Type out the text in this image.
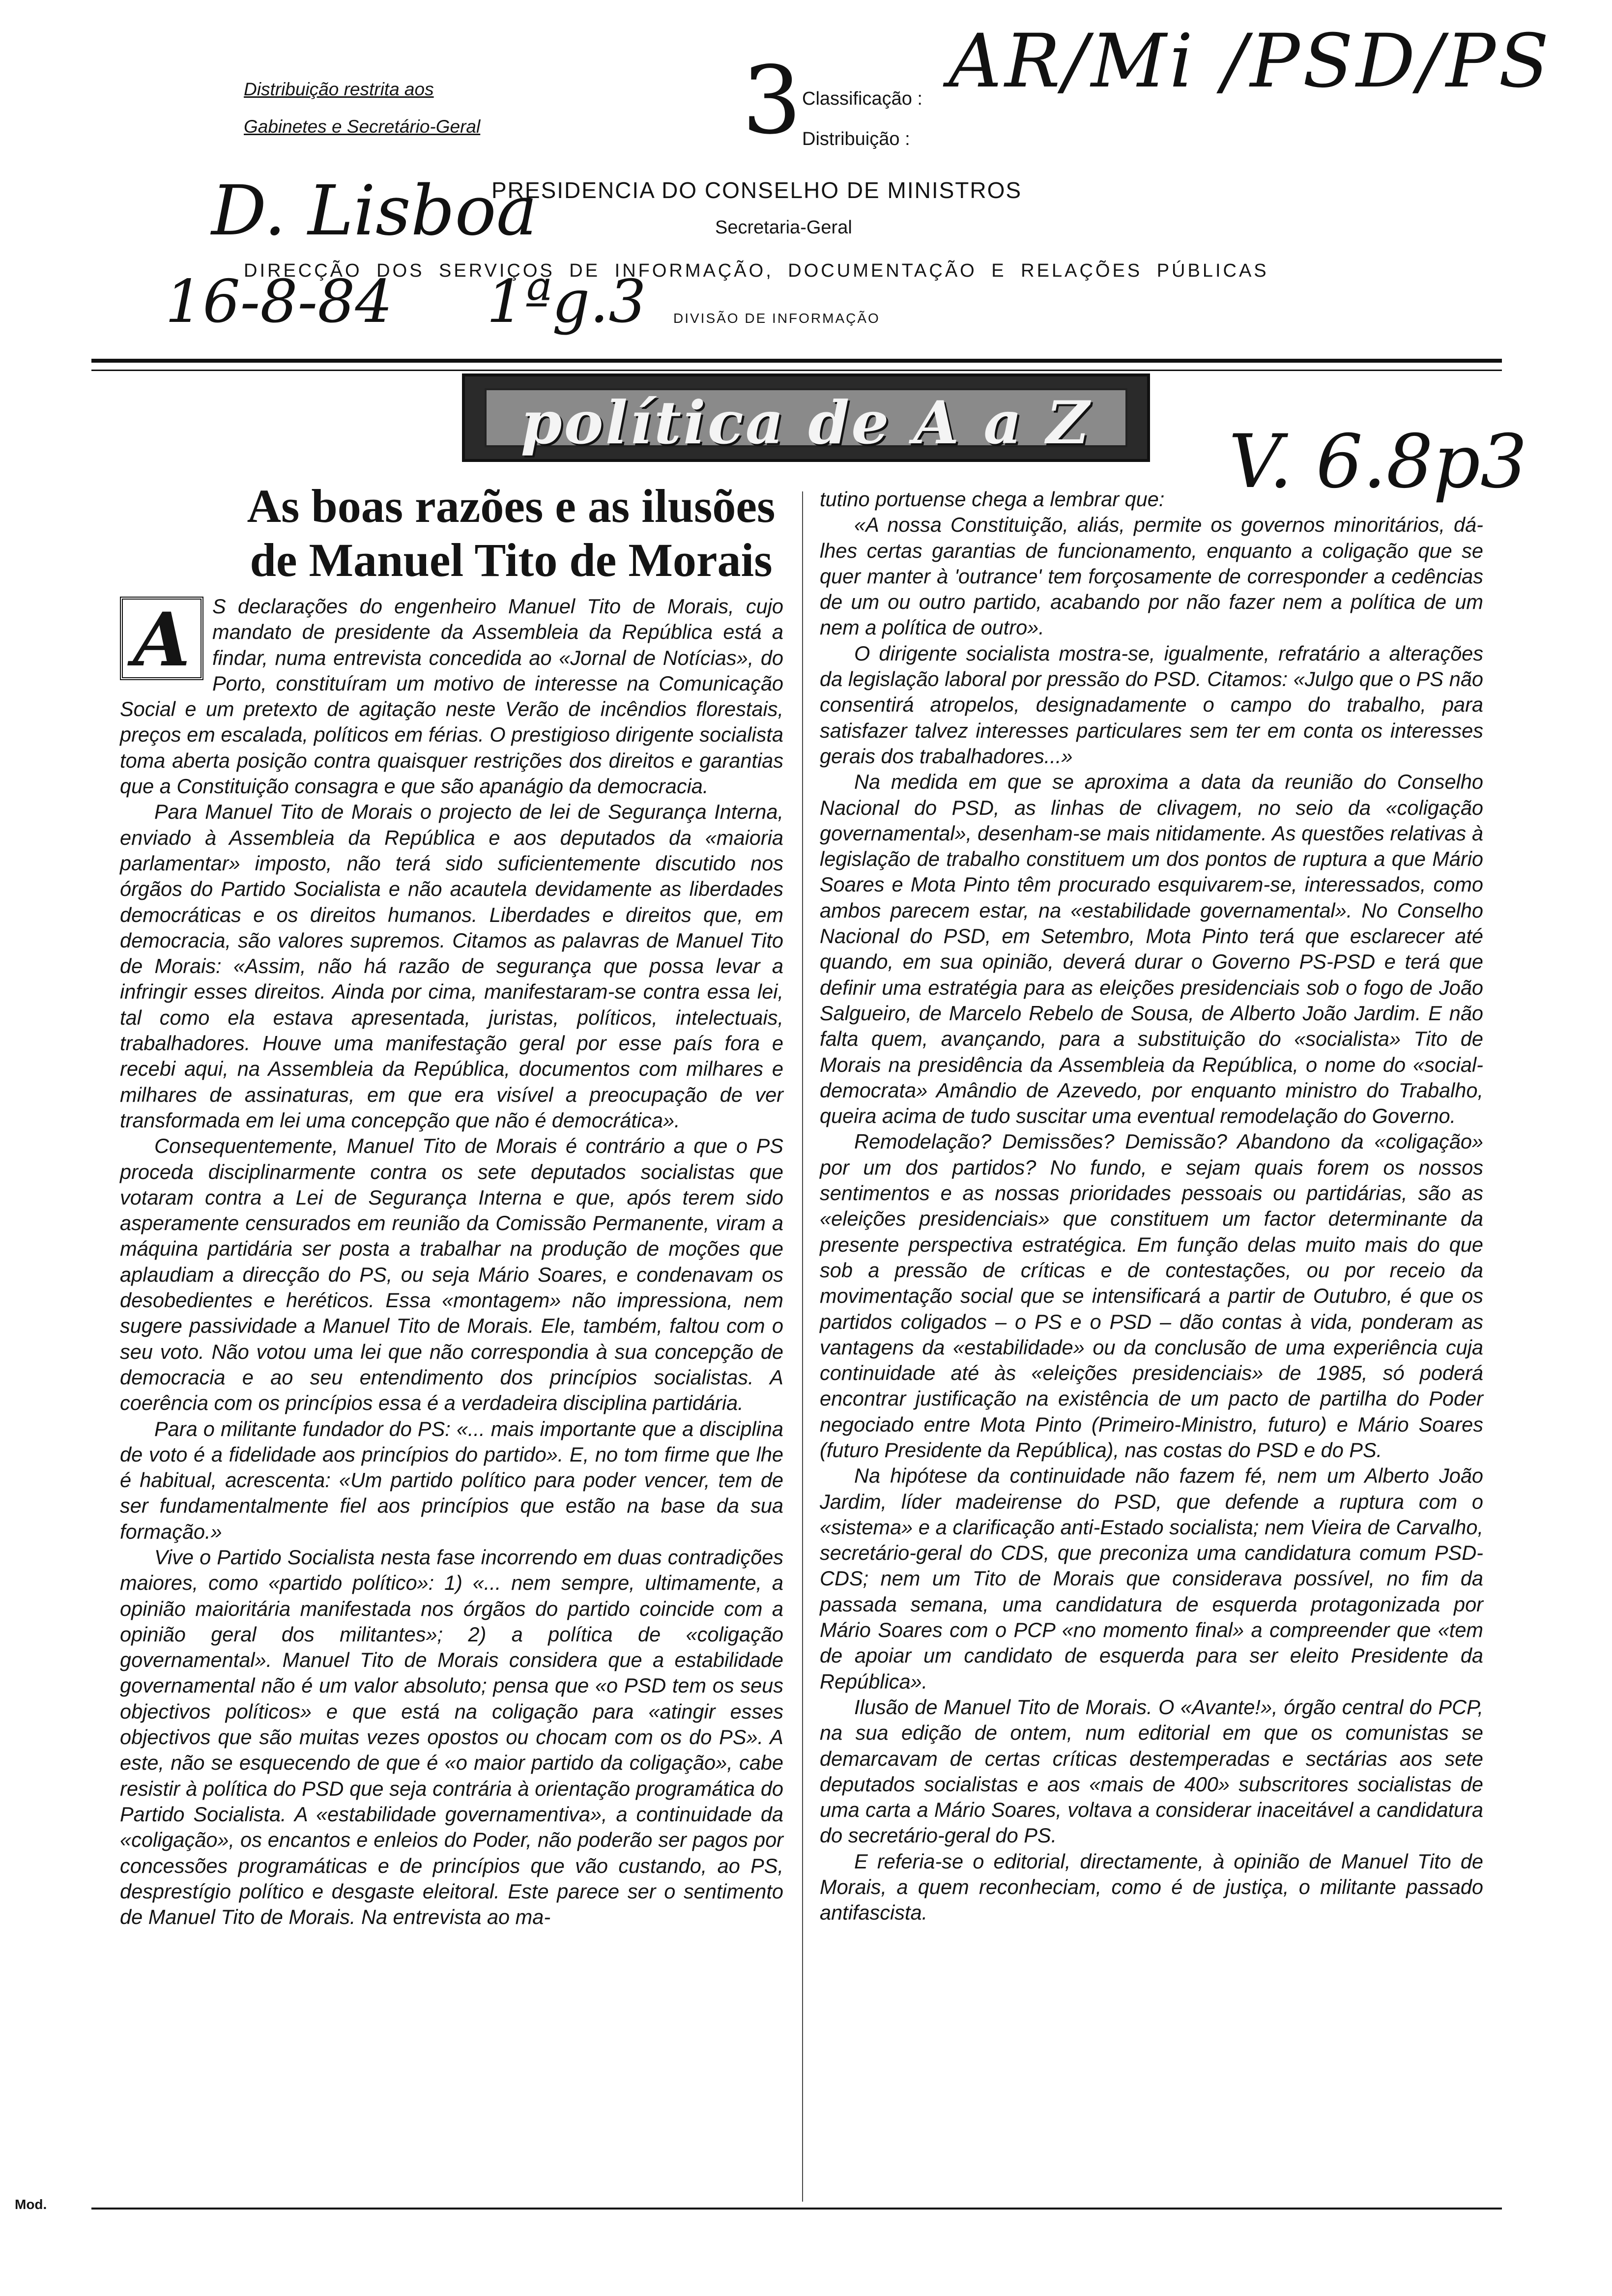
Distribuição restrita aos
Gabinetes e Secretário-Geral	3 Classificação : AR/Mi /PSD/PS
Distribuição :
D. Lisboa
PRESIDENCIA DO CONSELHO DE MINISTROS
Secretaria-Geral
DIRECÇÃO DOS SERVIÇOS DE INFORMAÇÃO, DOCUMENTAÇÃO E RELAÇÕES PÚBLICAS
16-8-84 1ªg.3 DIVISÃO DE INFORMAÇÃO
política de A a Z	V. 6.8p3
As boas razões e as ilusões
de Manuel Tito de Morais
A	S declarações do engenheiro Manuel Tito de Morais, cujo mandato de presidente da Assembleia da República está a findar, numa entrevista concedida ao «Jornal de Notícias», do Porto, constituíram um motivo de interesse na Comunicação Social e um pretexto de agitação neste Verão de incêndios florestais, preços em escalada, políticos em férias. O prestigioso dirigente socialista toma aberta posição contra quaisquer restrições dos direitos e garantias que a Constituição consagra e que são apanágio da democracia.

Para Manuel Tito de Morais o projecto de lei de Segurança Interna, enviado à Assembleia da República e aos deputados da «maioria parlamentar» imposto, não terá sido suficientemente discutido nos órgãos do Partido Socialista e não acautela devidamente as liberdades democráticas e os direitos humanos. Liberdades e direitos que, em democracia, são valores supremos. Citamos as palavras de Manuel Tito de Morais: «Assim, não há razão de segurança que possa levar a infringir esses direitos. Ainda por cima, manifestaram-se contra essa lei, tal como ela estava apresentada, juristas, políticos, intelectuais, trabalhadores. Houve uma manifestação geral por esse país fora e recebi aqui, na Assembleia da República, documentos com milhares e milhares de assinaturas, em que era visível a preocupação de ver transformada em lei uma concepção que não é democrática».

Consequentemente, Manuel Tito de Morais é contrário a que o PS proceda disciplinarmente contra os sete deputados socialistas que votaram contra a Lei de Segurança Interna e que, após terem sido asperamente censurados em reunião da Comissão Permanente, viram a máquina partidária ser posta a trabalhar na produção de moções que aplaudiam a direcção do PS, ou seja Mário Soares, e condenavam os desobedientes e heréticos. Essa «montagem» não impressiona, nem sugere passividade a Manuel Tito de Morais. Ele, também, faltou com o seu voto. Não votou uma lei que não correspondia à sua concepção de democracia e ao seu entendimento dos princípios socialistas. A coerência com os princípios essa é a verdadeira disciplina partidária.

Para o militante fundador do PS: «... mais importante que a disciplina de voto é a fidelidade aos princípios do partido». E, no tom firme que lhe é habitual, acrescenta: «Um partido político para poder vencer, tem de ser fundamentalmente fiel aos princípios que estão na base da sua formação.»

Vive o Partido Socialista nesta fase incorrendo em duas contradições maiores, como «partido político»: 1) «... nem sempre, ultimamente, a opinião maioritária manifestada nos órgãos do partido coincide com a opinião geral dos militantes»; 2) a política de «coligação governamental». Manuel Tito de Morais considera que a estabilidade governamental não é um valor absoluto; pensa que «o PSD tem os seus objectivos políticos» e que está na coligação para «atingir esses objectivos que são muitas vezes opostos ou chocam com os do PS». A este, não se esquecendo de que é «o maior partido da coligação», cabe resistir à política do PSD que seja contrária à orientação programática do Partido Socialista. A «estabilidade governamentiva», a continuidade da «coligação», os encantos e enleios do Poder, não poderão ser pagos por concessões programáticas e de princípios que vão custando, ao PS, desprestígio político e desgaste eleitoral. Este parece ser o sentimento de Manuel Tito de Morais. Na entrevista ao ma-

tutino portuense chega a lembrar que:

«A nossa Constituição, aliás, permite os governos minoritários, dá-lhes certas garantias de funcionamento, enquanto a coligação que se quer manter à 'outrance' tem forçosamente de corresponder a cedências de um ou outro partido, acabando por não fazer nem a política de um nem a política de outro».

O dirigente socialista mostra-se, igualmente, refratário a alterações da legislação laboral por pressão do PSD. Citamos: «Julgo que o PS não consentirá atropelos, designadamente o campo do trabalho, para satisfazer talvez interesses particulares sem ter em conta os interesses gerais dos trabalhadores...»

Na medida em que se aproxima a data da reunião do Conselho Nacional do PSD, as linhas de clivagem, no seio da «coligação governamental», desenham-se mais nitidamente. As questões relativas à legislação de trabalho constituem um dos pontos de ruptura a que Mário Soares e Mota Pinto têm procurado esquivarem-se, interessados, como ambos parecem estar, na «estabilidade governamental». No Conselho Nacional do PSD, em Setembro, Mota Pinto terá que esclarecer até quando, em sua opinião, deverá durar o Governo PS-PSD e terá que definir uma estratégia para as eleições presidenciais sob o fogo de João Salgueiro, de Marcelo Rebelo de Sousa, de Alberto João Jardim. E não falta quem, avançando, para a substituição do «socialista» Tito de Morais na presidência da Assembleia da República, o nome do «social-democrata» Amândio de Azevedo, por enquanto ministro do Trabalho, queira acima de tudo suscitar uma eventual remodelação do Governo.

Remodelação? Demissões? Demissão? Abandono da «coligação» por um dos partidos? No fundo, e sejam quais forem os nossos sentimentos e as nossas prioridades pessoais ou partidárias, são as «eleições presidenciais» que constituem um factor determinante da presente perspectiva estratégica. Em função delas muito mais do que sob a pressão de críticas e de contestações, ou por receio da movimentação social que se intensificará a partir de Outubro, é que os partidos coligados – o PS e o PSD – dão contas à vida, ponderam as vantagens da «estabilidade» ou da conclusão de uma experiência cuja continuidade até às «eleições presidenciais» de 1985, só poderá encontrar justificação na existência de um pacto de partilha do Poder negociado entre Mota Pinto (Primeiro-Ministro, futuro) e Mário Soares (futuro Presidente da República), nas costas do PSD e do PS.

Na hipótese da continuidade não fazem fé, nem um Alberto João Jardim, líder madeirense do PSD, que defende a ruptura com o «sistema» e a clarificação anti-Estado socialista; nem Vieira de Carvalho, secretário-geral do CDS, que preconiza uma candidatura comum PSD-CDS; nem um Tito de Morais que considerava possível, no fim da passada semana, uma candidatura de esquerda protagonizada por Mário Soares com o PCP «no momento final» a compreender que «tem de apoiar um candidato de esquerda para ser eleito Presidente da República».

Ilusão de Manuel Tito de Morais. O «Avante!», órgão central do PCP, na sua edição de ontem, num editorial em que os comunistas se demarcavam de certas críticas destemperadas e sectárias aos sete deputados socialistas e aos «mais de 400» subscritores socialistas de uma carta a Mário Soares, voltava a considerar inaceitável a candidatura do secretário-geral do PS.

E referia-se o editorial, directamente, à opinião de Manuel Tito de Morais, a quem reconheciam, como é de justiça, o militante passado antifascista.

Mod.
